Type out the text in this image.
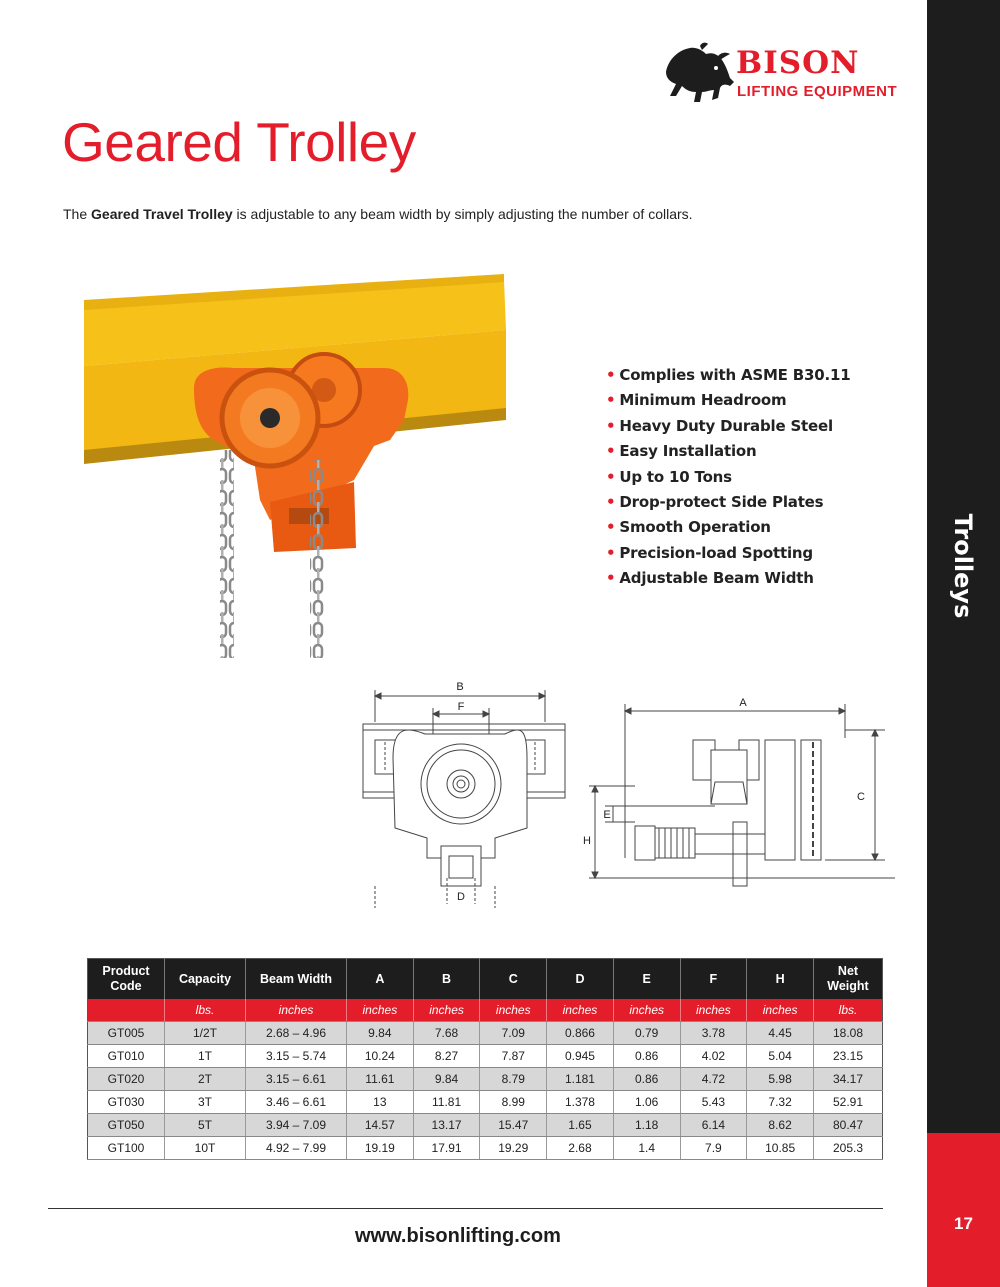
Trolleys
17
BISON
LIFTING EQUIPMENT
Geared Trolley
The Geared Travel Trolley is adjustable to any beam width by simply adjusting the number of collars.
• Complies with ASME B30.11
• Minimum Headroom
• Heavy Duty Durable Steel
• Easy Installation
• Up to 10 Tons
• Drop-protect Side Plates
• Smooth Operation
• Precision-load Spotting
• Adjustable Beam Width
B
F
D
A
C
E
H
Product Code	Capacity	Beam Width	A	B	C	D	E	F	H	Net Weight
	lbs.	inches	inches	inches	inches	inches	inches	inches	inches	lbs.
GT005	1/2T	2.68 – 4.96	9.84	7.68	7.09	0.866	0.79	3.78	4.45	18.08
GT010	1T	3.15 – 5.74	10.24	8.27	7.87	0.945	0.86	4.02	5.04	23.15
GT020	2T	3.15 – 6.61	11.61	9.84	8.79	1.181	0.86	4.72	5.98	34.17
GT030	3T	3.46 – 6.61	13	11.81	8.99	1.378	1.06	5.43	7.32	52.91
GT050	5T	3.94 – 7.09	14.57	13.17	15.47	1.65	1.18	6.14	8.62	80.47
GT100	10T	4.92 – 7.99	19.19	17.91	19.29	2.68	1.4	7.9	10.85	205.3
www.bisonlifting.com
